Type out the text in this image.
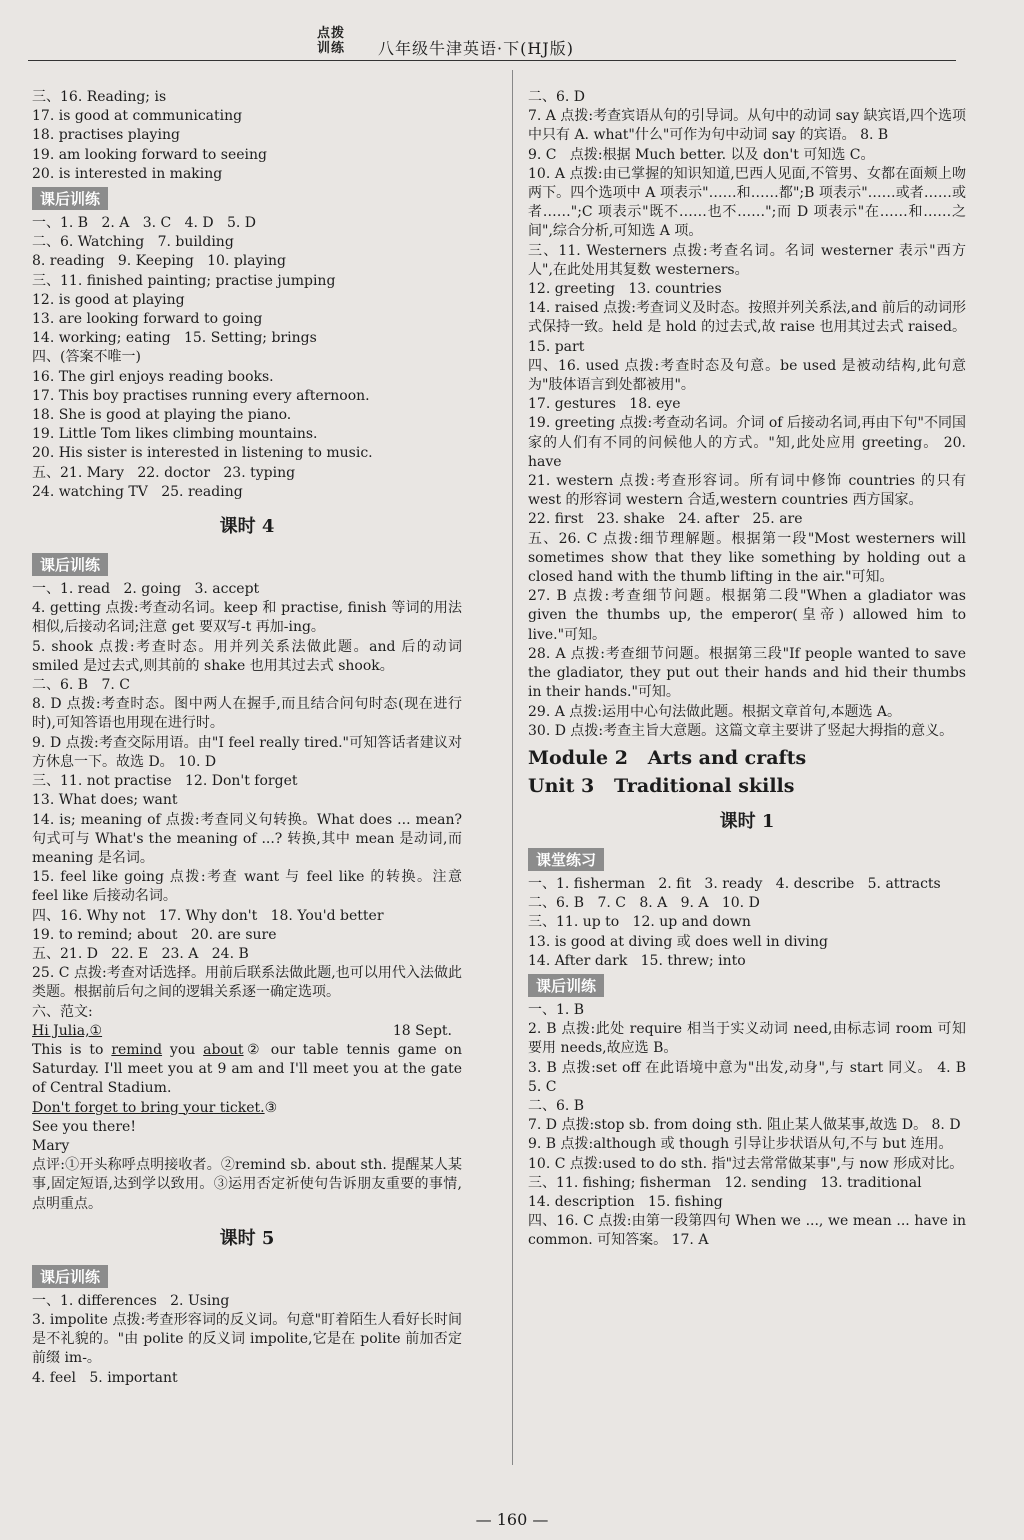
点拨
训练 八年级牛津英语·下(HJ版)
三、16. Reading; is
17. is good at communicating
18. practises playing
19. am looking forward to seeing
20. is interested in making
课后训练
一、1. B   2. A   3. C   4. D   5. D
二、6. Watching   7. building
8. reading   9. Keeping   10. playing
三、11. finished painting; practise jumping
12. is good at playing
13. are looking forward to going
14. working; eating   15. Setting; brings
四、(答案不唯一)
16. The girl enjoys reading books.
17. This boy practises running every afternoon.
18. She is good at playing the piano.
19. Little Tom likes climbing mountains.
20. His sister is interested in listening to music.
五、21. Mary   22. doctor   23. typing
24. watching TV   25. reading
课时 4
课后训练
一、1. read   2. going   3. accept
4. getting 点拨:考查动名词。keep 和 practise, finish 等词的用法相似,后接动名词;注意 get 要双写-t 再加-ing。
5. shook 点拨:考查时态。用并列关系法做此题。and 后的动词 smiled 是过去式,则其前的 shake 也用其过去式 shook。
二、6. B   7. C
8. D 点拨:考查时态。图中两人在握手,而且结合问句时态(现在进行时),可知答语也用现在进行时。
9. D 点拨:考查交际用语。由"I feel really tired."可知答话者建议对方休息一下。故选 D。 10. D
三、11. not practise   12. Don't forget
13. What does; want
14. is; meaning of 点拨:考查同义句转换。What does ... mean? 句式可与 What's the meaning of ...? 转换,其中 mean 是动词,而 meaning 是名词。
15. feel like going 点拨:考查 want 与 feel like 的转换。注意 feel like 后接动名词。
四、16. Why not   17. Why don't   18. You'd better
19. to remind; about   20. are sure
五、21. D   22. E   23. A   24. B
25. C 点拨:考查对话选择。用前后联系法做此题,也可以用代入法做此类题。根据前后句之间的逻辑关系逐一确定选项。
六、范文:
Hi Julia,①	18 Sept.
This is to remind you about② our table tennis game on Saturday. I'll meet you at 9 am and I'll meet you at the gate of Central Stadium.
Don't forget to bring your ticket.③
See you there!
Mary
点评:①开头称呼点明接收者。②remind sb. about sth. 提醒某人某事,固定短语,达到学以致用。③运用否定祈使句告诉朋友重要的事情,点明重点。
课时 5
课后训练
一、1. differences   2. Using
3. impolite 点拨:考查形容词的反义词。句意"盯着陌生人看好长时间是不礼貌的。"由 polite 的反义词 impolite,它是在 polite 前加否定前缀 im-。
4. feel   5. important
二、6. D
7. A 点拨:考查宾语从句的引导词。从句中的动词 say 缺宾语,四个选项中只有 A. what"什么"可作为句中动词 say 的宾语。 8. B
9. C   点拨:根据 Much better. 以及 don't 可知选 C。
10. A 点拨:由已掌握的知识知道,巴西人见面,不管男、女都在面颊上吻两下。四个选项中 A 项表示"……和……都";B 项表示"……或者……或者……";C 项表示"既不……也不……";而 D 项表示"在……和……之间",综合分析,可知选 A 项。
三、11. Westerners 点拨:考查名词。名词 westerner 表示"西方人",在此处用其复数 westerners。
12. greeting   13. countries
14. raised 点拨:考查词义及时态。按照并列关系法,and 前后的动词形式保持一致。held 是 hold 的过去式,故 raise 也用其过去式 raised。 15. part
四、16. used 点拨:考查时态及句意。be used 是被动结构,此句意为"肢体语言到处都被用"。
17. gestures   18. eye
19. greeting 点拨:考查动名词。介词 of 后接动名词,再由下句"不同国家的人们有不同的问候他人的方式。"知,此处应用 greeting。 20. have
21. western 点拨:考查形容词。所有词中修饰 countries 的只有 west 的形容词 western 合适,western countries 西方国家。
22. first   23. shake   24. after   25. are
五、26. C 点拨:细节理解题。根据第一段"Most westerners will sometimes show that they like something by holding out a closed hand with the thumb lifting in the air."可知。
27. B 点拨:考查细节问题。根据第二段"When a gladiator was given the thumbs up, the emperor(皇帝) allowed him to live."可知。
28. A 点拨:考查细节问题。根据第三段"If people wanted to save the gladiator, they put out their hands and hid their thumbs in their hands."可知。
29. A 点拨:运用中心句法做此题。根据文章首句,本题选 A。
30. D 点拨:考查主旨大意题。这篇文章主要讲了竖起大拇指的意义。
Module 2   Arts and crafts
Unit 3   Traditional skills
课时 1
课堂练习
一、1. fisherman   2. fit   3. ready   4. describe   5. attracts
二、6. B   7. C   8. A   9. A   10. D
三、11. up to   12. up and down
13. is good at diving 或 does well in diving
14. After dark   15. threw; into
课后训练
一、1. B
2. B 点拨:此处 require 相当于实义动词 need,由标志词 room 可知要用 needs,故应选 B。
3. B 点拨:set off 在此语境中意为"出发,动身",与 start 同义。 4. B 5. C
二、6. B
7. D 点拨:stop sb. from doing sth. 阻止某人做某事,故选 D。 8. D
9. B 点拨:although 或 though 引导让步状语从句,不与 but 连用。
10. C 点拨:used to do sth. 指"过去常常做某事",与 now 形成对比。
三、11. fishing; fisherman   12. sending   13. traditional
14. description   15. fishing
四、16. C 点拨:由第一段第四句 When we ..., we mean ... have in common. 可知答案。 17. A
— 160 —
